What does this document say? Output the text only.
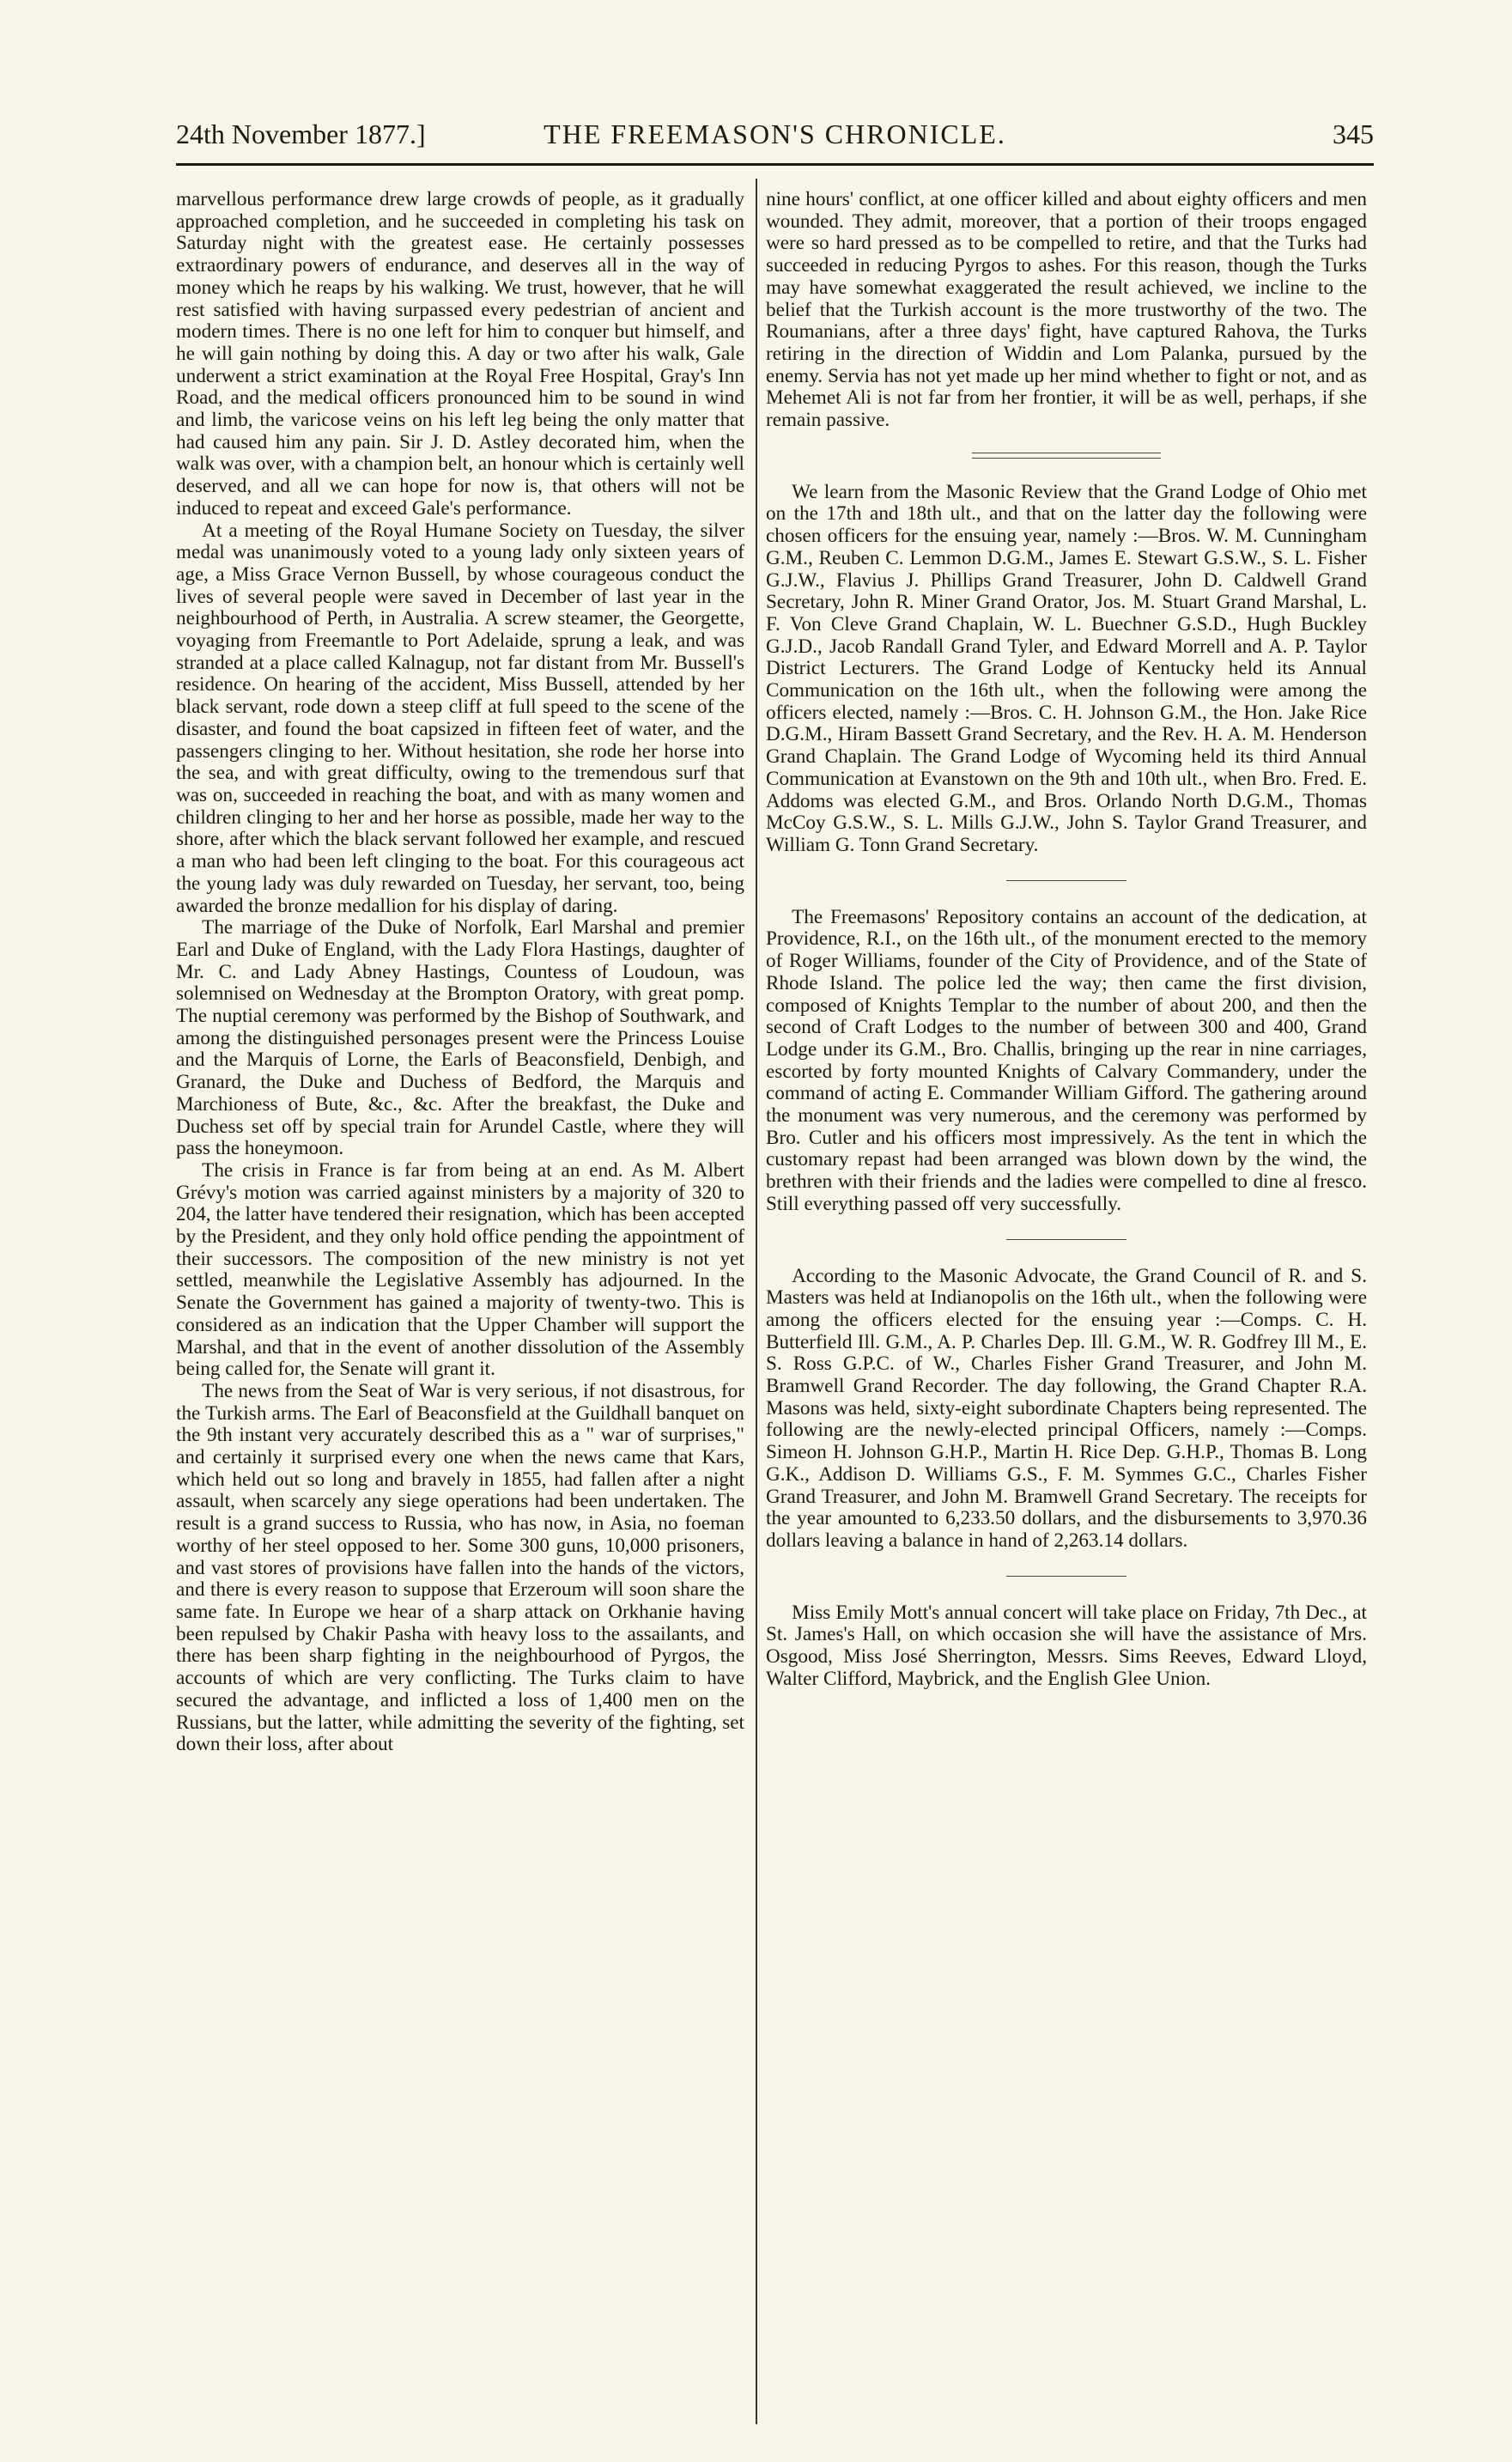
24th November 1877.]	THE FREEMASON'S CHRONICLE.	345

marvellous performance drew large crowds of people, as it gradually approached completion, and he succeeded in completing his task on Saturday night with the greatest ease. He certainly possesses extraordinary powers of endurance, and deserves all in the way of money which he reaps by his walking. We trust, however, that he will rest satisfied with having surpassed every pedestrian of ancient and modern times. There is no one left for him to conquer but himself, and he will gain nothing by doing this. A day or two after his walk, Gale underwent a strict examination at the Royal Free Hospital, Gray's Inn Road, and the medical officers pronounced him to be sound in wind and limb, the varicose veins on his left leg being the only matter that had caused him any pain. Sir J. D. Astley decorated him, when the walk was over, with a champion belt, an honour which is certainly well deserved, and all we can hope for now is, that others will not be induced to repeat and exceed Gale's performance.

At a meeting of the Royal Humane Society on Tuesday, the silver medal was unanimously voted to a young lady only sixteen years of age, a Miss Grace Vernon Bussell, by whose courageous conduct the lives of several people were saved in December of last year in the neighbourhood of Perth, in Australia. A screw steamer, the Georgette, voyaging from Freemantle to Port Adelaide, sprung a leak, and was stranded at a place called Kalnagup, not far distant from Mr. Bussell's residence. On hearing of the accident, Miss Bussell, attended by her black servant, rode down a steep cliff at full speed to the scene of the disaster, and found the boat capsized in fifteen feet of water, and the passengers clinging to her. Without hesitation, she rode her horse into the sea, and with great difficulty, owing to the tremendous surf that was on, succeeded in reaching the boat, and with as many women and children clinging to her and her horse as possible, made her way to the shore, after which the black servant followed her example, and rescued a man who had been left clinging to the boat. For this courageous act the young lady was duly rewarded on Tuesday, her servant, too, being awarded the bronze medallion for his display of daring.

The marriage of the Duke of Norfolk, Earl Marshal and premier Earl and Duke of England, with the Lady Flora Hastings, daughter of Mr. C. and Lady Abney Hastings, Countess of Loudoun, was solemnised on Wednesday at the Brompton Oratory, with great pomp. The nuptial ceremony was performed by the Bishop of Southwark, and among the distinguished personages present were the Princess Louise and the Marquis of Lorne, the Earls of Beaconsfield, Denbigh, and Granard, the Duke and Duchess of Bedford, the Marquis and Marchioness of Bute, &c., &c. After the breakfast, the Duke and Duchess set off by special train for Arundel Castle, where they will pass the honeymoon.

The crisis in France is far from being at an end. As M. Albert Grévy's motion was carried against ministers by a majority of 320 to 204, the latter have tendered their resignation, which has been accepted by the President, and they only hold office pending the appointment of their successors. The composition of the new ministry is not yet settled, meanwhile the Legislative Assembly has adjourned. In the Senate the Government has gained a majority of twenty-two. This is considered as an indication that the Upper Chamber will support the Marshal, and that in the event of another dissolution of the Assembly being called for, the Senate will grant it.

The news from the Seat of War is very serious, if not disastrous, for the Turkish arms. The Earl of Beaconsfield at the Guildhall banquet on the 9th instant very accurately described this as a " war of surprises," and certainly it surprised every one when the news came that Kars, which held out so long and bravely in 1855, had fallen after a night assault, when scarcely any siege operations had been undertaken. The result is a grand success to Russia, who has now, in Asia, no foeman worthy of her steel opposed to her. Some 300 guns, 10,000 prisoners, and vast stores of provisions have fallen into the hands of the victors, and there is every reason to suppose that Erzeroum will soon share the same fate. In Europe we hear of a sharp attack on Orkhanie having been repulsed by Chakir Pasha with heavy loss to the assailants, and there has been sharp fighting in the neighbourhood of Pyrgos, the accounts of which are very conflicting. The Turks claim to have secured the advantage, and inflicted a loss of 1,400 men on the Russians, but the latter, while admitting the severity of the fighting, set down their loss, after about

nine hours' conflict, at one officer killed and about eighty officers and men wounded. They admit, moreover, that a portion of their troops engaged were so hard pressed as to be compelled to retire, and that the Turks had succeeded in reducing Pyrgos to ashes. For this reason, though the Turks may have somewhat exaggerated the result achieved, we incline to the belief that the Turkish account is the more trustworthy of the two. The Roumanians, after a three days' fight, have captured Rahova, the Turks retiring in the direction of Widdin and Lom Palanka, pursued by the enemy. Servia has not yet made up her mind whether to fight or not, and as Mehemet Ali is not far from her frontier, it will be as well, perhaps, if she remain passive.

We learn from the Masonic Review that the Grand Lodge of Ohio met on the 17th and 18th ult., and that on the latter day the following were chosen officers for the ensuing year, namely :—Bros. W. M. Cunningham G.M., Reuben C. Lemmon D.G.M., James E. Stewart G.S.W., S. L. Fisher G.J.W., Flavius J. Phillips Grand Treasurer, John D. Caldwell Grand Secretary, John R. Miner Grand Orator, Jos. M. Stuart Grand Marshal, L. F. Von Cleve Grand Chaplain, W. L. Buechner G.S.D., Hugh Buckley G.J.D., Jacob Randall Grand Tyler, and Edward Morrell and A. P. Taylor District Lecturers. The Grand Lodge of Kentucky held its Annual Communication on the 16th ult., when the following were among the officers elected, namely :—Bros. C. H. Johnson G.M., the Hon. Jake Rice D.G.M., Hiram Bassett Grand Secretary, and the Rev. H. A. M. Henderson Grand Chaplain. The Grand Lodge of Wycoming held its third Annual Communication at Evanstown on the 9th and 10th ult., when Bro. Fred. E. Addoms was elected G.M., and Bros. Orlando North D.G.M., Thomas McCoy G.S.W., S. L. Mills G.J.W., John S. Taylor Grand Treasurer, and William G. Tonn Grand Secretary.

The Freemasons' Repository contains an account of the dedication, at Providence, R.I., on the 16th ult., of the monument erected to the memory of Roger Williams, founder of the City of Providence, and of the State of Rhode Island. The police led the way; then came the first division, composed of Knights Templar to the number of about 200, and then the second of Craft Lodges to the number of between 300 and 400, Grand Lodge under its G.M., Bro. Challis, bringing up the rear in nine carriages, escorted by forty mounted Knights of Calvary Commandery, under the command of acting E. Commander William Gifford. The gathering around the monument was very numerous, and the ceremony was performed by Bro. Cutler and his officers most impressively. As the tent in which the customary repast had been arranged was blown down by the wind, the brethren with their friends and the ladies were compelled to dine al fresco. Still everything passed off very successfully.

According to the Masonic Advocate, the Grand Council of R. and S. Masters was held at Indianopolis on the 16th ult., when the following were among the officers elected for the ensuing year :—Comps. C. H. Butterfield Ill. G.M., A. P. Charles Dep. Ill. G.M., W. R. Godfrey Ill M., E. S. Ross G.P.C. of W., Charles Fisher Grand Treasurer, and John M. Bramwell Grand Recorder. The day following, the Grand Chapter R.A. Masons was held, sixty-eight subordinate Chapters being represented. The following are the newly-elected principal Officers, namely :—Comps. Simeon H. Johnson G.H.P., Martin H. Rice Dep. G.H.P., Thomas B. Long G.K., Addison D. Williams G.S., F. M. Symmes G.C., Charles Fisher Grand Treasurer, and John M. Bramwell Grand Secretary. The receipts for the year amounted to 6,233.50 dollars, and the disbursements to 3,970.36 dollars leaving a balance in hand of 2,263.14 dollars.

Miss Emily Mott's annual concert will take place on Friday, 7th Dec., at St. James's Hall, on which occasion she will have the assistance of Mrs. Osgood, Miss José Sherrington, Messrs. Sims Reeves, Edward Lloyd, Walter Clifford, Maybrick, and the English Glee Union.
